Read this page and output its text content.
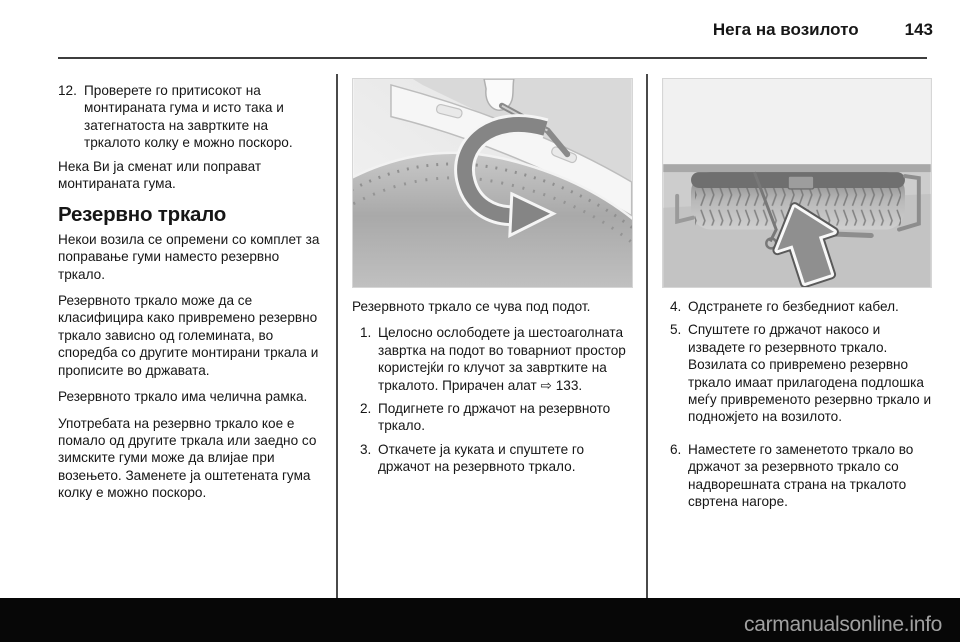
Нега на возилото	143
12. Проверете го притисокот на монтираната гума и исто така и затегнатоста на завртките на тркалото колку е можно поскоро.

Нека Ви ја сменат или поправат монтираната гума.

Резервно тркало

Некои возила се опремени со комплет за поправање гуми наместо резервно тркало.

Резервното тркало може да се класифицира како привремено резервно тркало зависно од големината, во споредба со другите монтирани тркала и прописите во државата.

Резервното тркало има челична рамка.

Употребата на резервно тркало кое е помало од другите тркала или заедно со зимските гуми може да влијае при возењето. Заменете ја оштетената гума колку е можно поскоро.

Резервното тркало се чува под подот.

1. Целосно ослободете ја шестоаголната завртка на подот во товарниот простор користејќи го клучот за завртките на тркалото. Прирачен алат ⇨ 133.
2. Подигнете го држачот на резервното тркало.
3. Откачете ја куката и спуштете го држачот на резервното тркало.
4. Одстранете го безбедниот кабел.
5. Спуштете го држачот накосо и извадете го резервното тркало.

Возилата со привремено резервно тркало имаат прилагодена подлошка меѓу привременото резервно тркало и подножјето на возилото.

6. Наместете го заменетото тркало во држачот за резервното тркало со надворешната страна на тркалото свртена нагоре.
carmanualsonline.info
